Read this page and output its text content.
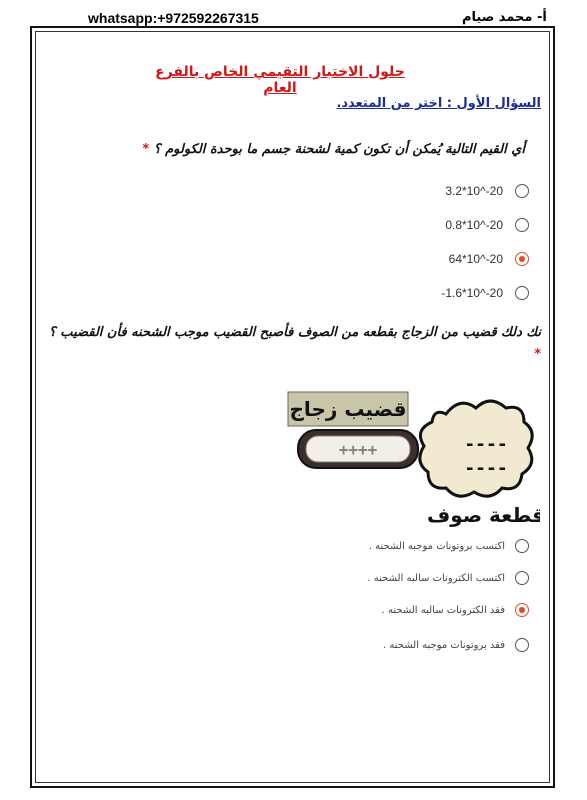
whatsapp:+972592267315	أ- محمد صيام
حلول الاختبار التقيمي الخاص بالفرع العام
السؤال الأول : اختر من المتعدد.
أي القيم التالية يُمكن أن تكون كمية لشحنة جسم ما بوحدة الكولوم ؟ *
3.2*10^-20
0.8*10^-20
64*10^-20
-1.6*10^-20
نك دلك قضيب من الزجاج بقطعه من الصوف فأصبح القضيب موجب الشحنه فأن القضيب ؟ *
قضيب زجاج
++++	----
----
قطعة صوف
اكتسب بروتونات موجبه الشحنه .
اكتسب الكترونات سالبه الشحنه .
فقد الكترونات سالبه الشحنه .
فقد بروتونات موجبه الشحنه .
